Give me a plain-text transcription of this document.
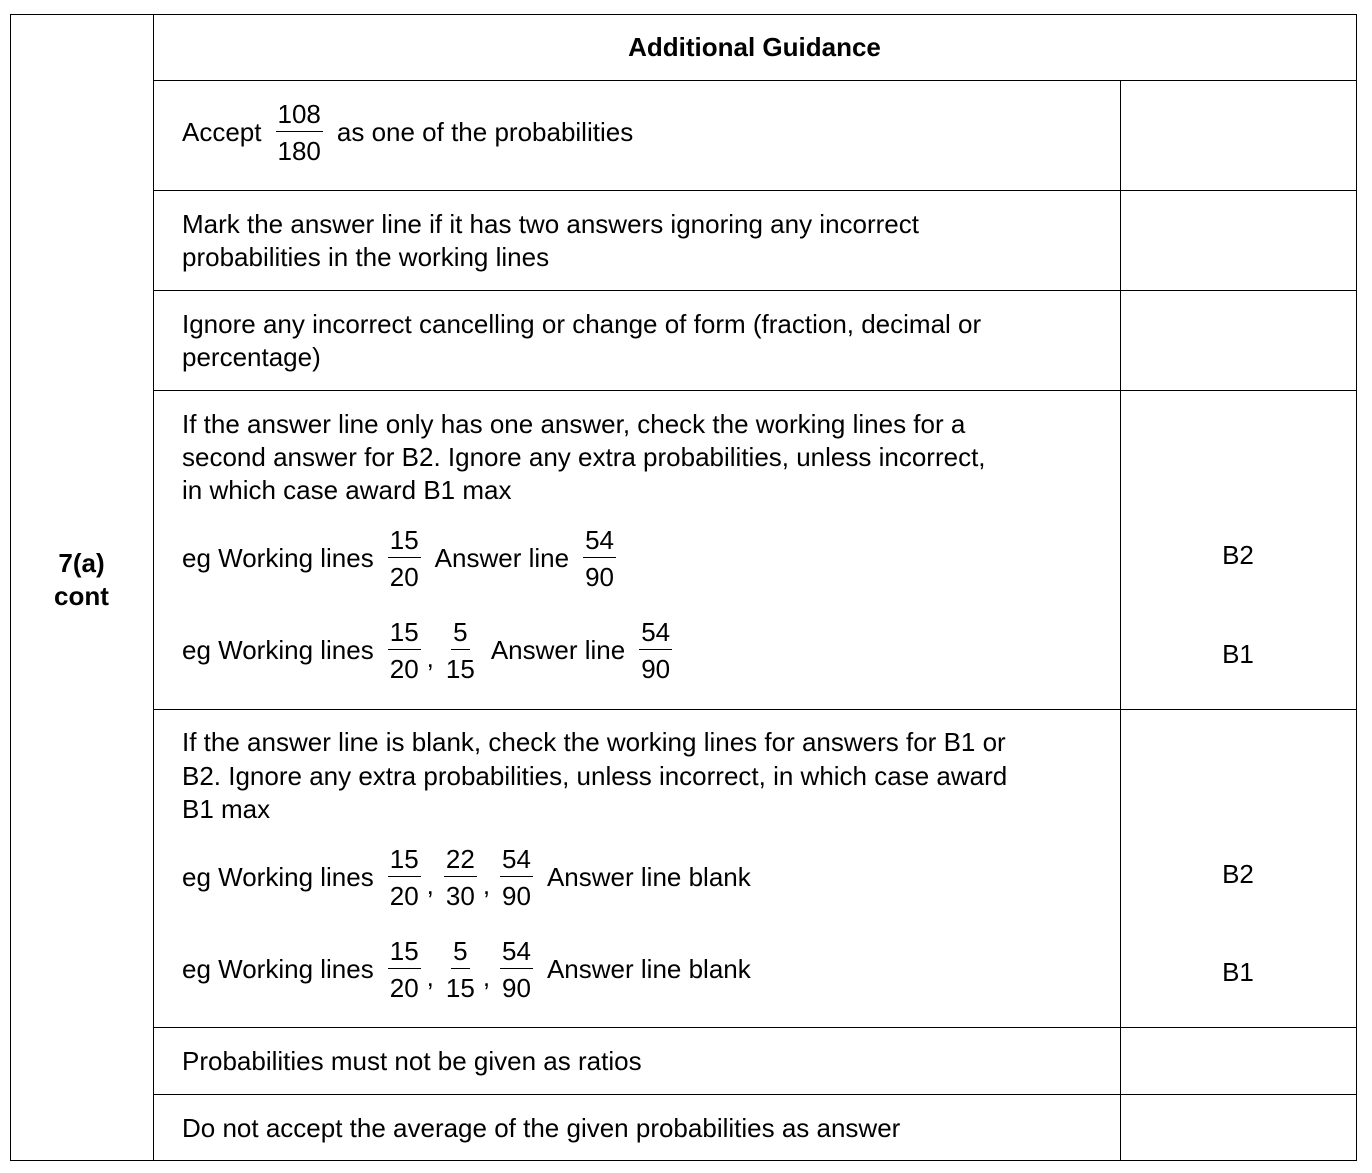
7(a)
cont
Additional Guidance
Accept $\frac{108}{180}$ as one of the probabilities
Mark the answer line if it has two answers ignoring any incorrect
probabilities in the working lines
Ignore any incorrect cancelling or change of form (fraction, decimal or
percentage)
If the answer line only has one answer, check the working lines for a
second answer for B2. Ignore any extra probabilities, unless incorrect,
in which case award B1 max
eg Working lines $\frac{15}{20}$ Answer line $\frac{54}{90}$	B2
eg Working lines $\frac{15}{20}$ , $\frac{5}{15}$ Answer line $\frac{54}{90}$	B1
If the answer line is blank, check the working lines for answers for B1 or
B2. Ignore any extra probabilities, unless incorrect, in which case award
B1 max
eg Working lines $\frac{15}{20}$ , $\frac{22}{30}$ , $\frac{54}{90}$ Answer line blank	B2
eg Working lines $\frac{15}{20}$ , $\frac{5}{15}$ , $\frac{54}{90}$ Answer line blank	B1
Probabilities must not be given as ratios
Do not accept the average of the given probabilities as answer
